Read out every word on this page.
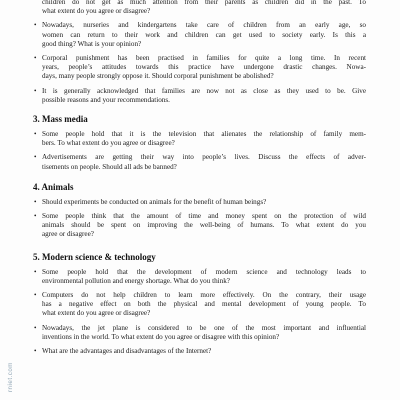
children do not get as much attention from their parents as children did in the past. To
what extent do you agree or disagree?
• Nowadays, nurseries and kindergartens take care of children from an early age, so
women can return to their work and children can get used to society early. Is this a
good thing? What is your opinion?
• Corporal punishment has been practised in families for quite a long time. In recent
years, people’s attitudes towards this practice have undergone drastic changes. Nowa-
days, many people strongly oppose it. Should corporal punishment be abolished?
• It is generally acknowledged that families are now not as close as they used to be. Give
possible reasons and your recommendations.
3. Mass media
• Some people hold that it is the television that alienates the relationship of family mem-
bers. To what extent do you agree or disagree?
• Advertisements are getting their way into people’s lives. Discuss the effects of adver-
tisements on people. Should all ads be banned?
4. Animals
• Should experiments be conducted on animals for the benefit of human beings?
• Some people think that the amount of time and money spent on the protection of wild
animals should be spent on improving the well-being of humans. To what extent do you
agree or disagree?
5. Modern science & technology
• Some people hold that the development of modern science and technology leads to
environmental pollution and energy shortage. What do you think?
• Computers do not help children to learn more effectively. On the contrary, their usage
has a negative effect on both the physical and mental development of young people. To
what extent do you agree or disagree?
• Nowadays, the jet plane is considered to be one of the most important and influential
inventions in the world. To what extent do you agree or disagree with this opinion?
• What are the advantages and disadvantages of the Internet?
rniet.com
